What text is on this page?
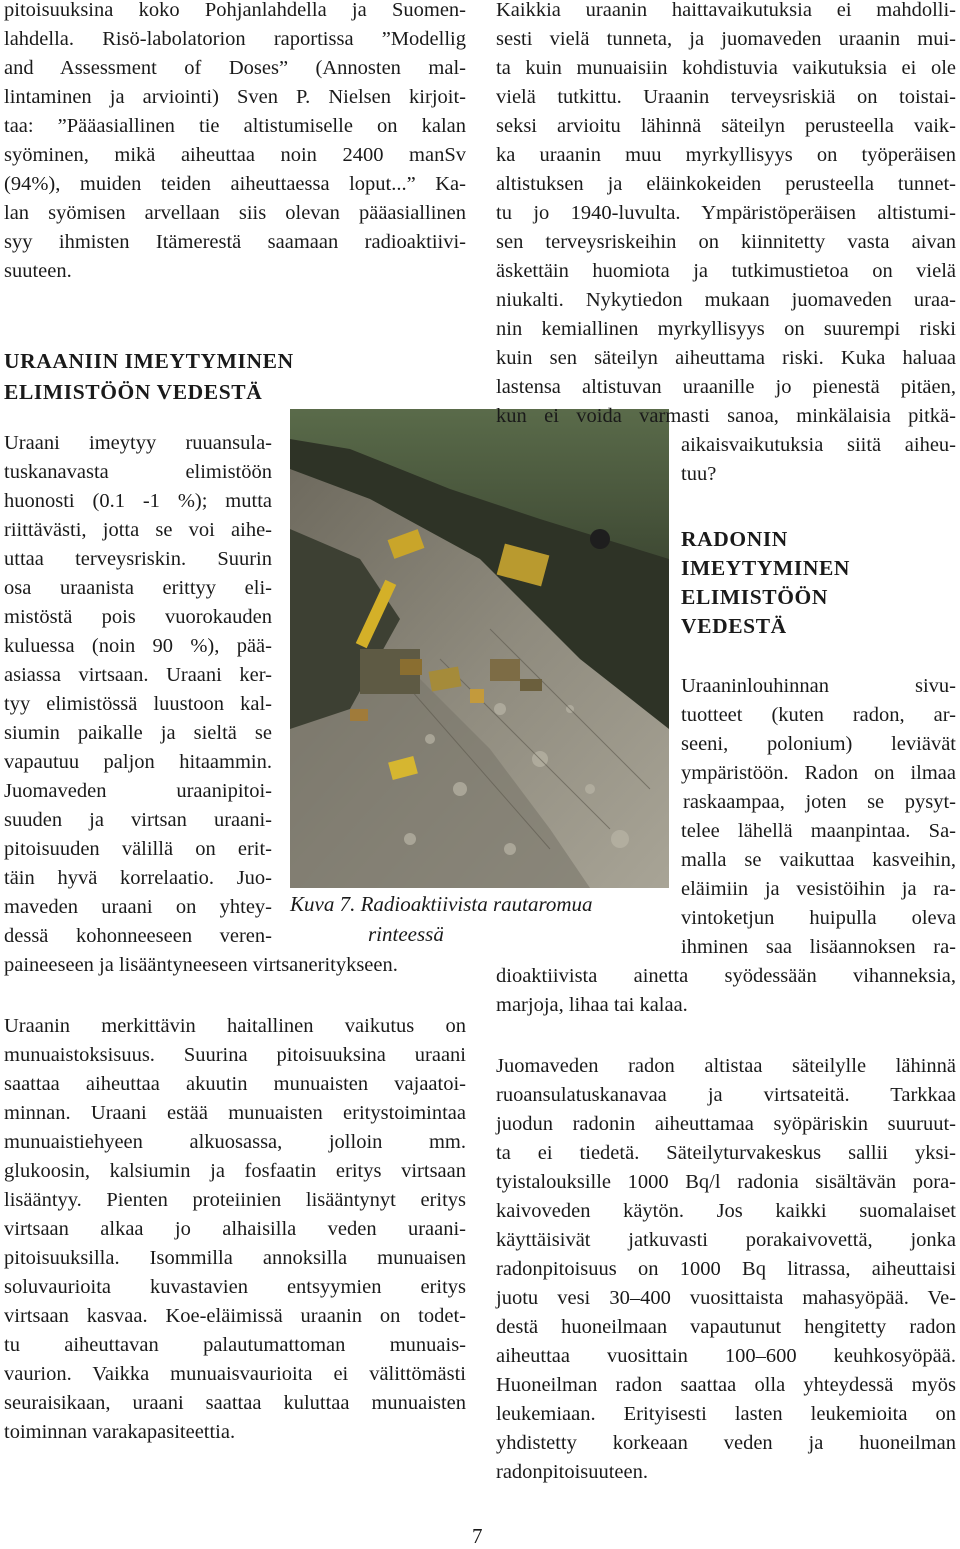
pitoisuuksina koko Pohjanlahdella ja Suomen-
lahdella. Risö-labolatorion raportissa ”Modellig
and Assessment of Doses” (Annosten mal-
lintaminen ja arviointi) Sven P. Nielsen kirjoit-
taa: ”Pääasiallinen tie altistumiselle on kalan
syöminen, mikä aiheuttaa noin 2400 manSv
(94%), muiden teiden aiheuttaessa loput...” Ka-
lan syömisen arvellaan siis olevan pääasiallinen
syy ihmisten Itämerestä saamaan radioaktiivi-
suuteen.
URAANIIN IMEYTYMINEN
ELIMISTÖÖN VEDESTÄ
Uraani imeytyy ruuansula-
tuskanavasta elimistöön
huonosti (0.1 -1 %); mutta
riittävästi, jotta se voi aihe-
uttaa terveysriskin. Suurin
osa uraanista erittyy eli-
mistöstä pois vuorokauden
kuluessa (noin 90 %), pää-
asiassa virtsaan. Uraani ker-
tyy elimistössä luustoon kal-
siumin paikalle ja sieltä se
vapautuu paljon hitaammin.
Juomaveden uraanipitoi-
suuden ja virtsan uraani-
pitoisuuden välillä on erit-
täin hyvä korrelaatio. Juo-
maveden uraani on yhtey-
dessä kohonneeseen veren-
paineeseen ja lisääntyneeseen virtsaneritykseen.
Uraanin merkittävin haitallinen vaikutus on
munuaistoksisuus. Suurina pitoisuuksina uraani
saattaa aiheuttaa akuutin munuaisten vajaatoi-
minnan. Uraani estää munuaisten eritystoimintaa
munuaistiehyeen alkuosassa, jolloin mm.
glukoosin, kalsiumin ja fosfaatin eritys virtsaan
lisääntyy. Pienten proteiinien lisääntynyt eritys
virtsaan alkaa jo alhaisilla veden uraani-
pitoisuuksilla. Isommilla annoksilla munuaisen
soluvaurioita kuvastavien entsyymien eritys
virtsaan kasvaa. Koe-eläimissä uraanin on todet-
tu aiheuttavan palautumattoman munuais-
vaurion. Vaikka munuaisvaurioita ei välittömästi
seuraisikaan, uraani saattaa kuluttaa munuaisten
toiminnan varakapasiteettia.
Kuva 7. Radioaktiivista rautaromua
rinteessä
Kaikkia uraanin haittavaikutuksia ei mahdolli-
sesti vielä tunneta, ja juomaveden uraanin mui-
ta kuin munuaisiin kohdistuvia vaikutuksia ei ole
vielä tutkittu. Uraanin terveysriskiä on toistai-
seksi arvioitu lähinnä säteilyn perusteella vaik-
ka uraanin muu myrkyllisyys on työperäisen
altistuksen ja eläinkokeiden perusteella tunnet-
tu jo 1940-luvulta. Ympäristöperäisen altistumi-
sen terveysriskeihin on kiinnitetty vasta aivan
äskettäin huomiota ja tutkimustietoa on vielä
niukalti. Nykytiedon mukaan juomaveden uraa-
nin kemiallinen myrkyllisyys on suurempi riski
kuin sen säteilyn aiheuttama riski. Kuka haluaa
lastensa altistuvan uraanille jo pienestä pitäen,
kun ei voida varmasti sanoa, minkälaisia pitkä-
aikaisvaikutuksia siitä aiheu-
tuu?
RADONIN
IMEYTYMINEN
ELIMISTÖÖN
VEDESTÄ
Uraaninlouhinnan sivu-
tuotteet (kuten radon, ar-
seeni, polonium) leviävät
ympäristöön. Radon on ilmaa
raskaampaa, joten se pysyt-
telee lähellä maanpintaa. Sa-
malla se vaikuttaa kasveihin,
eläimiin ja vesistöihin ja ra-
vintoketjun huipulla oleva
ihminen saa lisäannoksen ra-
dioaktiivista ainetta syödessään vihanneksia,
marjoja, lihaa tai kalaa.
Juomaveden radon altistaa säteilylle lähinnä
ruoansulatuskanavaa ja virtsateitä. Tarkkaa
juodun radonin aiheuttamaa syöpäriskin suuruut-
ta ei tiedetä. Säteilyturvakeskus sallii yksi-
tyistalouksille 1000 Bq/l radonia sisältävän pora-
kaivoveden käytön. Jos kaikki suomalaiset
käyttäisivät jatkuvasti porakaivovettä, jonka
radonpitoisuus on 1000 Bq litrassa, aiheuttaisi
juotu vesi 30–400 vuosittaista mahasyöpää. Ve-
destä huoneilmaan vapautunut hengitetty radon
aiheuttaa vuosittain 100–600 keuhkosyöpää.
Huoneilman radon saattaa olla yhteydessä myös
leukemiaan. Erityisesti lasten leukemioita on
yhdistetty korkeaan veden ja huoneilman
radonpitoisuuteen.
7
